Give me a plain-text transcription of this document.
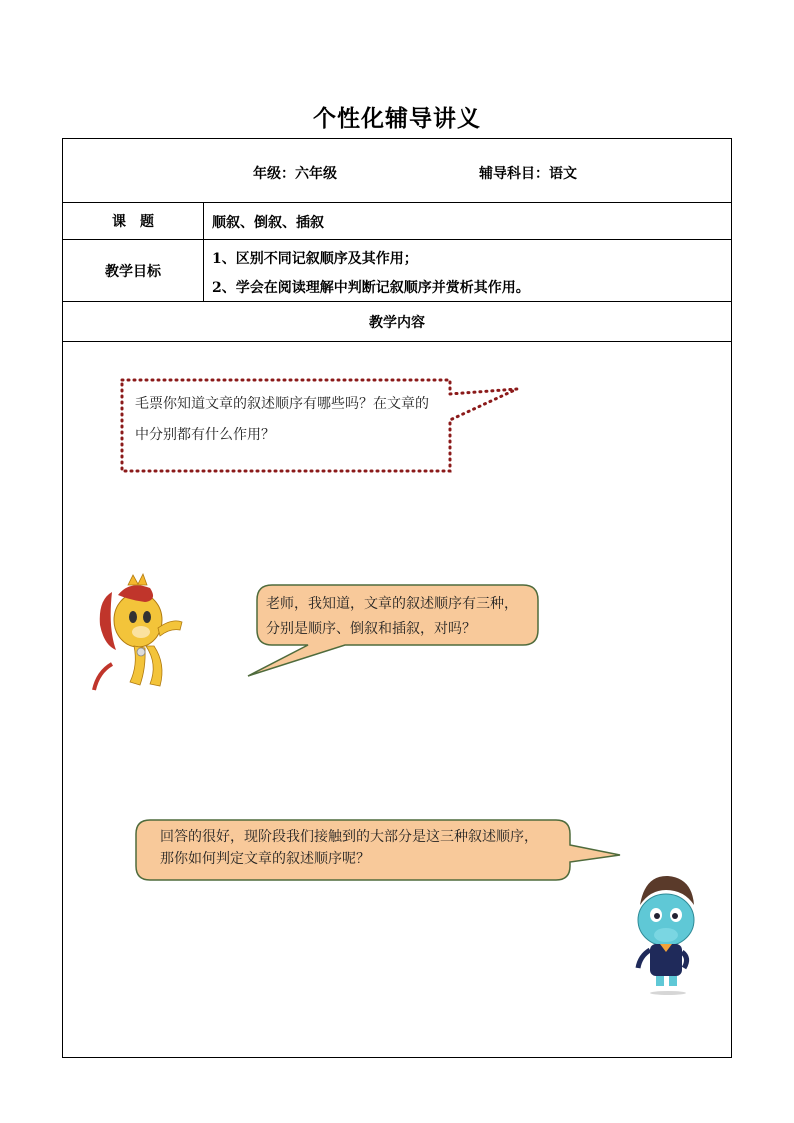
个性化辅导讲义
年级：六年级	辅导科目：语文
课　题	顺叙、倒叙、插叙
教学目标
1、区别不同记叙顺序及其作用；
2、学会在阅读理解中判断记叙顺序并赏析其作用。
教学内容
毛票你知道文章的叙述顺序有哪些吗？在文章的
中分别都有什么作用？
老师，我知道，文章的叙述顺序有三种，
分别是顺序、倒叙和插叙，对吗？
回答的很好，现阶段我们接触到的大部分是这三种叙述顺序，
那你如何判定文章的叙述顺序呢？
